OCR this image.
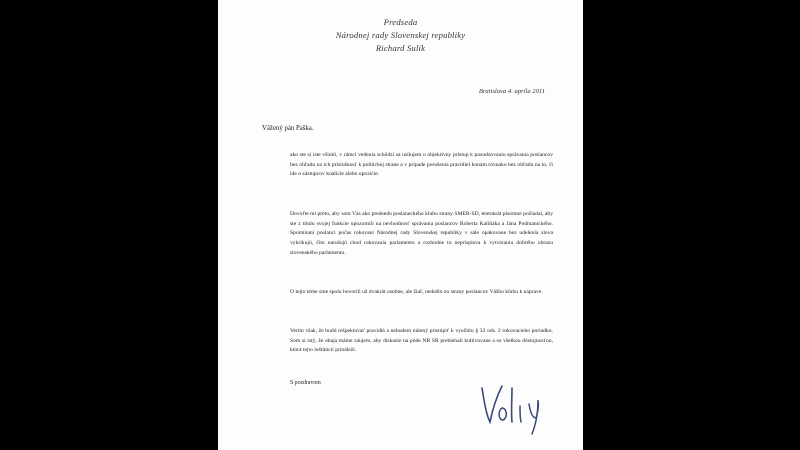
Predseda
Národnej rady Slovenskej republiky
Richard Sulík
Bratislava 4. apríla 2011
Vážený pán Paška.
ako ste si iste všimli, v rámci vedenia schôdzí sa usilujem o objektívny prístup k posudzovaniu správania poslancov bez ohľadu na ich príslušnosť k politickej strane a v prípade porušenia pravidiel konám rovnako bez ohľadu na to, či ide o zástupcov koalície alebo opozície.
Dovoľte mi preto, aby som Vás ako predsedu poslaneckého klubu strany SMER-SD, tentokrát písomne požiadal, aby ste z titulu svojej funkcie upozornili na nevhodnosť správania poslancov Roberta Kaliňáka a Jána Podmanického. Spomínaní poslanci počas rokovaní Národnej rady Slovenskej republiky v sále opakovane bez udelenia slova vykrikujú, čím narušujú chod rokovania parlamentu a rozhodne to neprispieva k vytváraniu dobrého obrazu slovenského parlamentu.
O tejto téme sme spolu hovorili už dvakrát osobne, ale žiaľ, nedošlo zo strany poslancov Vášho klubu k náprave.
Verím však, že budú rešpektovať pravidlá a nebudem nútený pristúpiť k využitiu § 32 ods. 2 rokovacieho poriadku. Som si istý, že obaja máme záujem, aby diskusie na pôde NR SR prebiehali kultivovane a so všetkou dôstojnosťou, ktorá tejto inštitúcii prináleží.
S pozdravom
